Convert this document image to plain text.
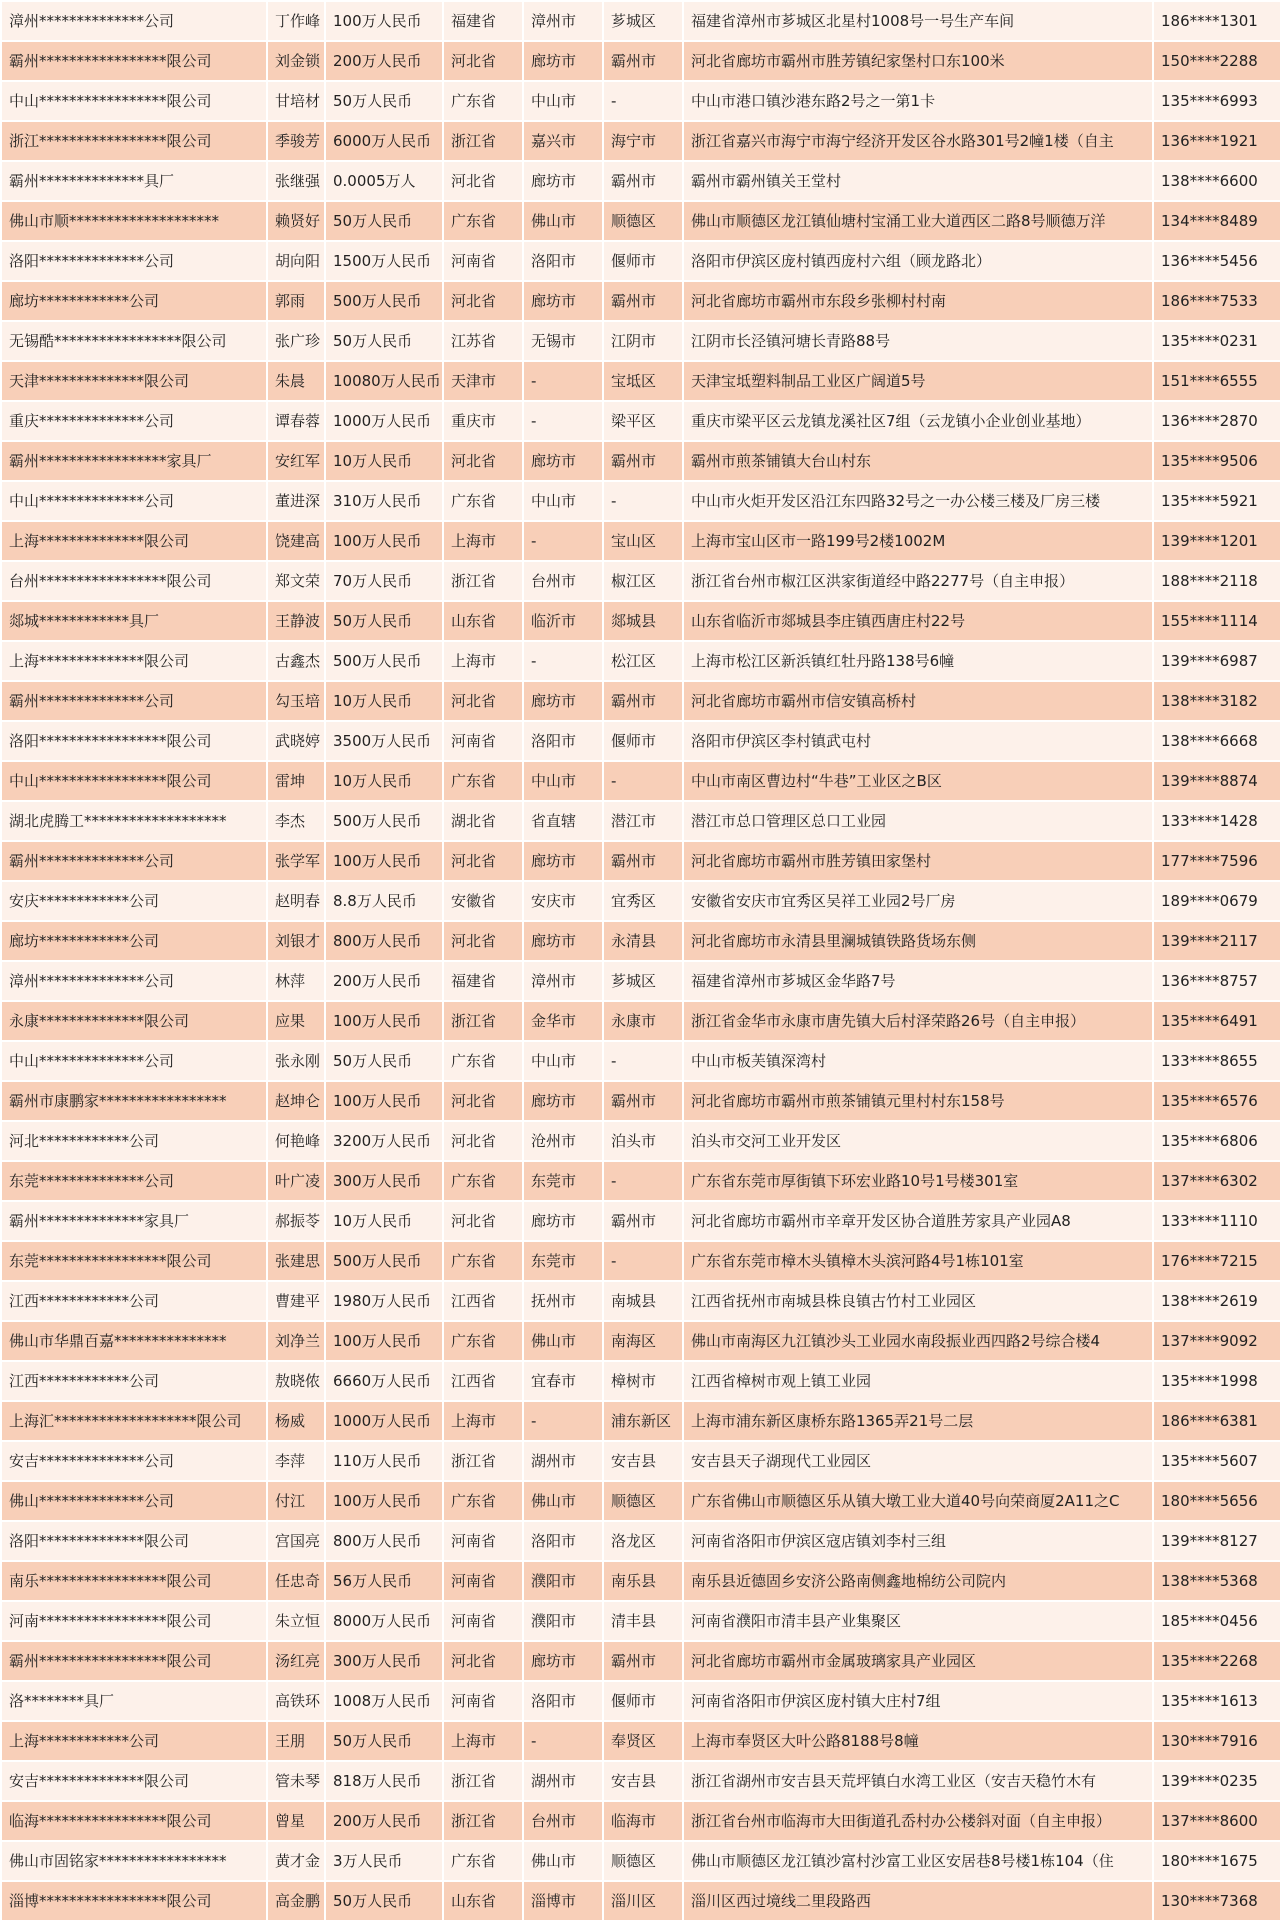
漳州**************公司	丁作峰	100万人民币	福建省	漳州市	芗城区	福建省漳州市芗城区北星村1008号一号生产车间	186****1301
霸州*****************限公司	刘金锁	200万人民币	河北省	廊坊市	霸州市	河北省廊坊市霸州市胜芳镇纪家堡村口东100米	150****2288
中山*****************限公司	甘培材	50万人民币	广东省	中山市	-	中山市港口镇沙港东路2号之一第1卡	135****6993
浙江*****************限公司	季骏芳	6000万人民币	浙江省	嘉兴市	海宁市	浙江省嘉兴市海宁市海宁经济开发区谷水路301号2幢1楼（自主	136****1921
霸州**************具厂	张继强	0.0005万人	河北省	廊坊市	霸州市	霸州市霸州镇关王堂村	138****6600
佛山市顺********************	赖贤好	50万人民币	广东省	佛山市	顺德区	佛山市顺德区龙江镇仙塘村宝涌工业大道西区二路8号顺德万洋	134****8489
洛阳**************公司	胡向阳	1500万人民币	河南省	洛阳市	偃师市	洛阳市伊滨区庞村镇西庞村六组（顾龙路北）	136****5456
廊坊************公司	郭雨	500万人民币	河北省	廊坊市	霸州市	河北省廊坊市霸州市东段乡张柳村村南	186****7533
无锡酷*****************限公司	张广珍	50万人民币	江苏省	无锡市	江阴市	江阴市长泾镇河塘长青路88号	135****0231
天津**************限公司	朱晨	10080万人民币	天津市	-	宝坻区	天津宝坻塑料制品工业区广阔道5号	151****6555
重庆**************公司	谭春蓉	1000万人民币	重庆市	-	梁平区	重庆市梁平区云龙镇龙溪社区7组（云龙镇小企业创业基地）	136****2870
霸州*****************家具厂	安红军	10万人民币	河北省	廊坊市	霸州市	霸州市煎茶铺镇大台山村东	135****9506
中山**************公司	董进深	310万人民币	广东省	中山市	-	中山市火炬开发区沿江东四路32号之一办公楼三楼及厂房三楼	135****5921
上海**************限公司	饶建高	100万人民币	上海市	-	宝山区	上海市宝山区市一路199号2楼1002M	139****1201
台州*****************限公司	郑文荣	70万人民币	浙江省	台州市	椒江区	浙江省台州市椒江区洪家街道经中路2277号（自主申报）	188****2118
郯城************具厂	王静波	50万人民币	山东省	临沂市	郯城县	山东省临沂市郯城县李庄镇西唐庄村22号	155****1114
上海**************限公司	古鑫杰	500万人民币	上海市	-	松江区	上海市松江区新浜镇红牡丹路138号6幢	139****6987
霸州**************公司	勾玉培	10万人民币	河北省	廊坊市	霸州市	河北省廊坊市霸州市信安镇高桥村	138****3182
洛阳*****************限公司	武晓婷	3500万人民币	河南省	洛阳市	偃师市	洛阳市伊滨区李村镇武屯村	138****6668
中山*****************限公司	雷坤	10万人民币	广东省	中山市	-	中山市南区曹边村“牛巷”工业区之B区	139****8874
湖北虎腾工*******************	李杰	500万人民币	湖北省	省直辖	潜江市	潜江市总口管理区总口工业园	133****1428
霸州**************公司	张学军	100万人民币	河北省	廊坊市	霸州市	河北省廊坊市霸州市胜芳镇田家堡村	177****7596
安庆************公司	赵明春	8.8万人民币	安徽省	安庆市	宜秀区	安徽省安庆市宜秀区吴祥工业园2号厂房	189****0679
廊坊************公司	刘银才	800万人民币	河北省	廊坊市	永清县	河北省廊坊市永清县里澜城镇铁路货场东侧	139****2117
漳州**************公司	林萍	200万人民币	福建省	漳州市	芗城区	福建省漳州市芗城区金华路7号	136****8757
永康**************限公司	应果	100万人民币	浙江省	金华市	永康市	浙江省金华市永康市唐先镇大后村泽荣路26号（自主申报）	135****6491
中山**************公司	张永刚	50万人民币	广东省	中山市	-	中山市板芙镇深湾村	133****8655
霸州市康鹏家*****************	赵坤仑	100万人民币	河北省	廊坊市	霸州市	河北省廊坊市霸州市煎茶铺镇元里村村东158号	135****6576
河北************公司	何艳峰	3200万人民币	河北省	沧州市	泊头市	泊头市交河工业开发区	135****6806
东莞**************公司	叶广凌	300万人民币	广东省	东莞市	-	广东省东莞市厚街镇下环宏业路10号1号楼301室	137****6302
霸州**************家具厂	郝振苓	10万人民币	河北省	廊坊市	霸州市	河北省廊坊市霸州市辛章开发区协合道胜芳家具产业园A8	133****1110
东莞*****************限公司	张建思	500万人民币	广东省	东莞市	-	广东省东莞市樟木头镇樟木头滨河路4号1栋101室	176****7215
江西************公司	曹建平	1980万人民币	江西省	抚州市	南城县	江西省抚州市南城县株良镇古竹村工业园区	138****2619
佛山市华鼎百嘉***************	刘净兰	100万人民币	广东省	佛山市	南海区	佛山市南海区九江镇沙头工业园水南段振业西四路2号综合楼4	137****9092
江西************公司	敖晓侬	6660万人民币	江西省	宜春市	樟树市	江西省樟树市观上镇工业园	135****1998
上海汇*******************限公司	杨威	1000万人民币	上海市	-	浦东新区	上海市浦东新区康桥东路1365弄21号二层	186****6381
安吉**************公司	李萍	110万人民币	浙江省	湖州市	安吉县	安吉县天子湖现代工业园区	135****5607
佛山**************公司	付江	100万人民币	广东省	佛山市	顺德区	广东省佛山市顺德区乐从镇大墩工业大道40号向荣商厦2A11之C	180****5656
洛阳**************限公司	宫国亮	800万人民币	河南省	洛阳市	洛龙区	河南省洛阳市伊滨区寇店镇刘李村三组	139****8127
南乐*****************限公司	任忠奇	56万人民币	河南省	濮阳市	南乐县	南乐县近德固乡安济公路南侧鑫地棉纺公司院内	138****5368
河南*****************限公司	朱立恒	8000万人民币	河南省	濮阳市	清丰县	河南省濮阳市清丰县产业集聚区	185****0456
霸州*****************限公司	汤红亮	300万人民币	河北省	廊坊市	霸州市	河北省廊坊市霸州市金属玻璃家具产业园区	135****2268
洛********具厂	高铁环	1008万人民币	河南省	洛阳市	偃师市	河南省洛阳市伊滨区庞村镇大庄村7组	135****1613
上海************公司	王朋	50万人民币	上海市	-	奉贤区	上海市奉贤区大叶公路8188号8幢	130****7916
安吉**************限公司	管未琴	818万人民币	浙江省	湖州市	安吉县	浙江省湖州市安吉县天荒坪镇白水湾工业区（安吉天稳竹木有	139****0235
临海*****************限公司	曾星	200万人民币	浙江省	台州市	临海市	浙江省台州市临海市大田街道孔岙村办公楼斜对面（自主申报）	137****8600
佛山市固铭家*****************	黄才金	3万人民币	广东省	佛山市	顺德区	佛山市顺德区龙江镇沙富村沙富工业区安居巷8号楼1栋104（住	180****1675
淄博*****************限公司	高金鹏	50万人民币	山东省	淄博市	淄川区	淄川区西过境线二里段路西	130****7368
